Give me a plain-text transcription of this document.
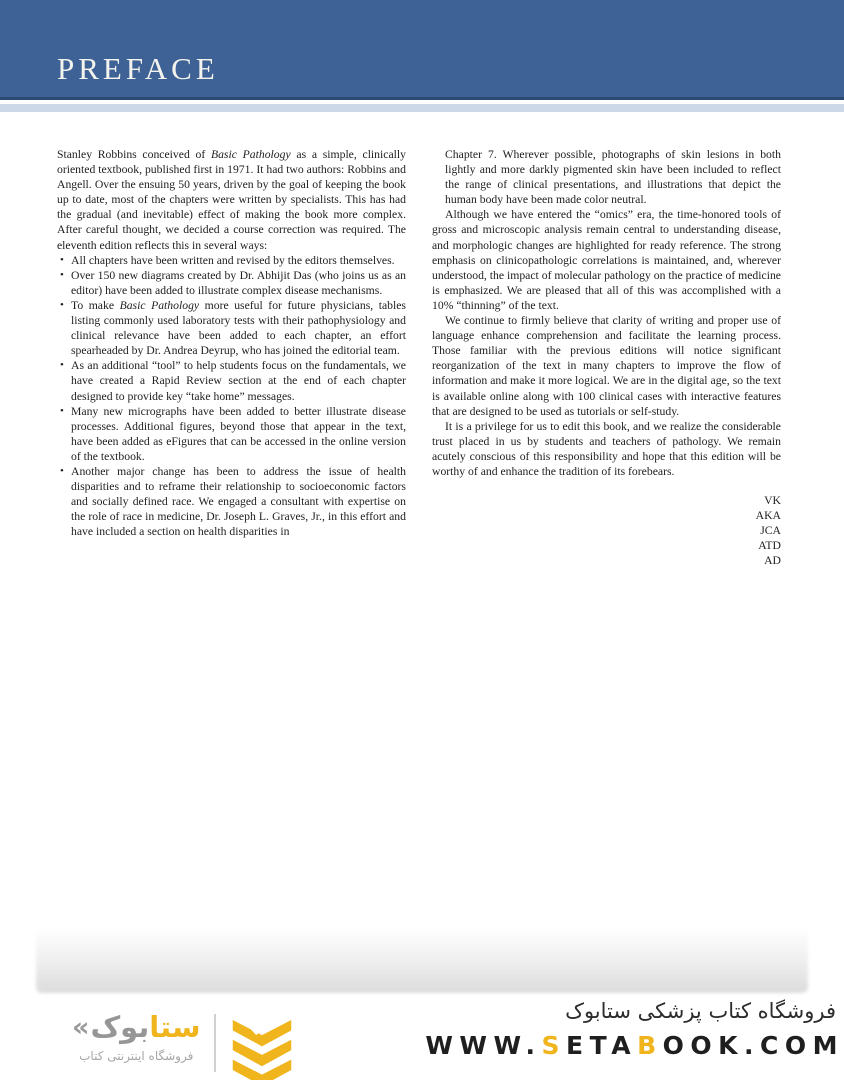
PREFACE

Stanley Robbins conceived of Basic Pathology as a simple, clinically oriented textbook, published first in 1971. It had two authors: Robbins and Angell. Over the ensuing 50 years, driven by the goal of keeping the book up to date, most of the chapters were written by specialists. This has had the gradual (and inevitable) effect of making the book more complex. After careful thought, we decided a course correction was required. The eleventh edition reflects this in several ways:

• All chapters have been written and revised by the editors themselves.
• Over 150 new diagrams created by Dr. Abhijit Das (who joins us as an editor) have been added to illustrate complex disease mechanisms.
• To make Basic Pathology more useful for future physicians, tables listing commonly used laboratory tests with their pathophysiology and clinical relevance have been added to each chapter, an effort spearheaded by Dr. Andrea Deyrup, who has joined the editorial team.
• As an additional “tool” to help students focus on the fundamentals, we have created a Rapid Review section at the end of each chapter designed to provide key “take home” messages.
• Many new micrographs have been added to better illustrate disease processes. Additional figures, beyond those that appear in the text, have been added as eFigures that can be accessed in the online version of the textbook.
• Another major change has been to address the issue of health disparities and to reframe their relationship to socioeconomic factors and socially defined race. We engaged a consultant with expertise on the role of race in medicine, Dr. Joseph L. Graves, Jr., in this effort and have included a section on health disparities in

Chapter 7. Wherever possible, photographs of skin lesions in both lightly and more darkly pigmented skin have been included to reflect the range of clinical presentations, and illustrations that depict the human body have been made color neutral.

Although we have entered the “omics” era, the time-honored tools of gross and microscopic analysis remain central to understanding disease, and morphologic changes are highlighted for ready reference. The strong emphasis on clinicopathologic correlations is maintained, and, wherever understood, the impact of molecular pathology on the practice of medicine is emphasized. We are pleased that all of this was accomplished with a 10% “thinning” of the text.

We continue to firmly believe that clarity of writing and proper use of language enhance comprehension and facilitate the learning process. Those familiar with the previous editions will notice significant reorganization of the text in many chapters to improve the flow of information and make it more logical. We are in the digital age, so the text is available online along with 100 clinical cases with interactive features that are designed to be used as tutorials or self-study.

It is a privilege for us to edit this book, and we realize the considerable trust placed in us by students and teachers of pathology. We remain acutely conscious of this responsibility and hope that this edition will be worthy of and enhance the tradition of its forebears.

VK
AKA
JCA
ATD
AD
«	ستابوک
فروشگاه اینترنتی کتاب
فروشگاه کتاب پزشکی ستابوک
WWW.SETABOOK.COM
